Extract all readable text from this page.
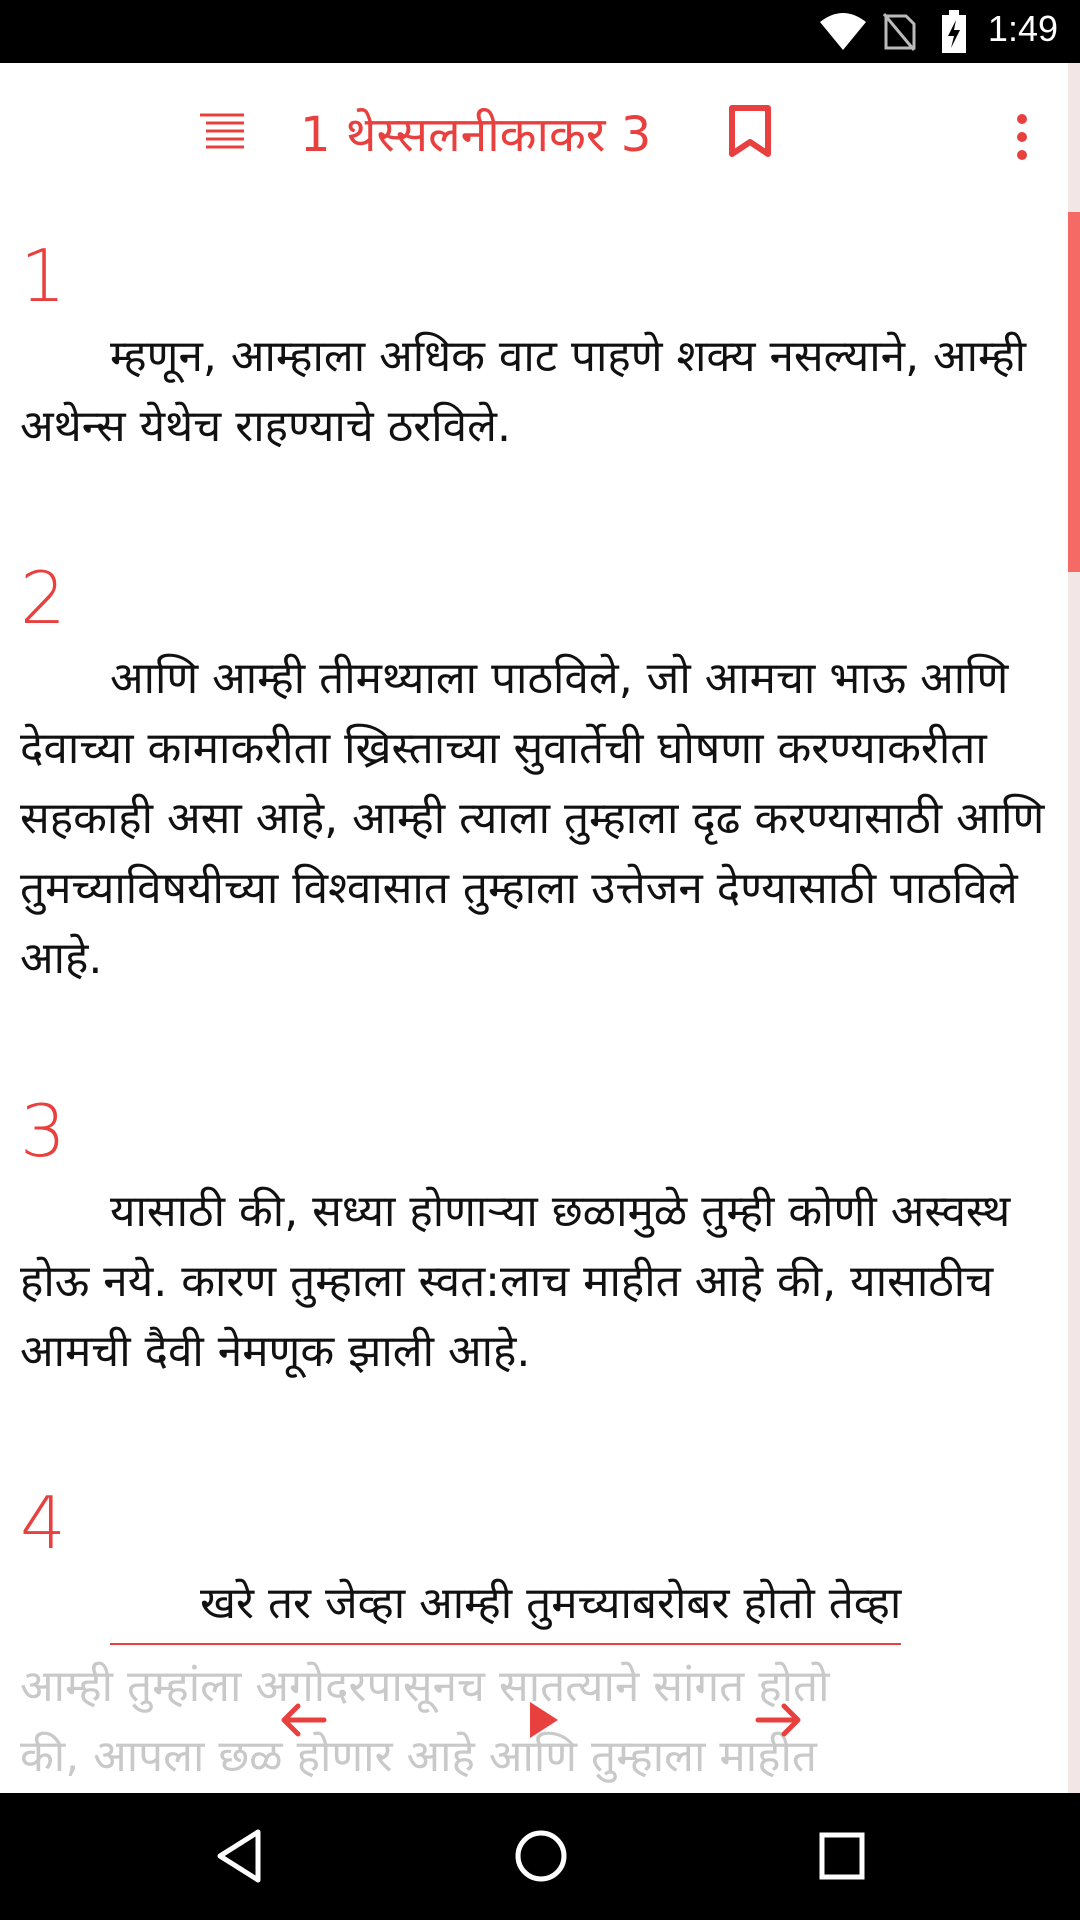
1:49
1 थेस्सलनीकाकर 3
1
म्हणून, आम्हाला अधिक वाट पाहणे शक्य नसल्याने, आम्ही अथेन्स येथेच राहण्याचे ठरविले.
2
आणि आम्ही तीमथ्याला पाठविले, जो आमचा भाऊ आणि देवाच्या कामाकरीता ख्रिस्ताच्या सुवार्तेची घोषणा करण्याकरीता सहकाही असा आहे, आम्ही त्याला तुम्हाला दृढ करण्यासाठी आणि तुमच्याविषयीच्या विश्वासात तुम्हाला उत्तेजन देण्यासाठी पाठविले आहे.
3
यासाठी की, सध्या होणाऱ्या छळामुळे तुम्ही कोणी अस्वस्थ होऊ नये. कारण तुम्हाला स्वत:लाच माहीत आहे की, यासाठीच आमची दैवी नेमणूक झाली आहे.
4
खरे तर जेव्हा आम्ही तुमच्याबरोबर होतो तेव्हा
आम्ही तुम्हांला अगोदरपासूनच सातत्याने सांगत होतो
की, आपला छळ होणार आहे आणि तुम्हाला माहीत
